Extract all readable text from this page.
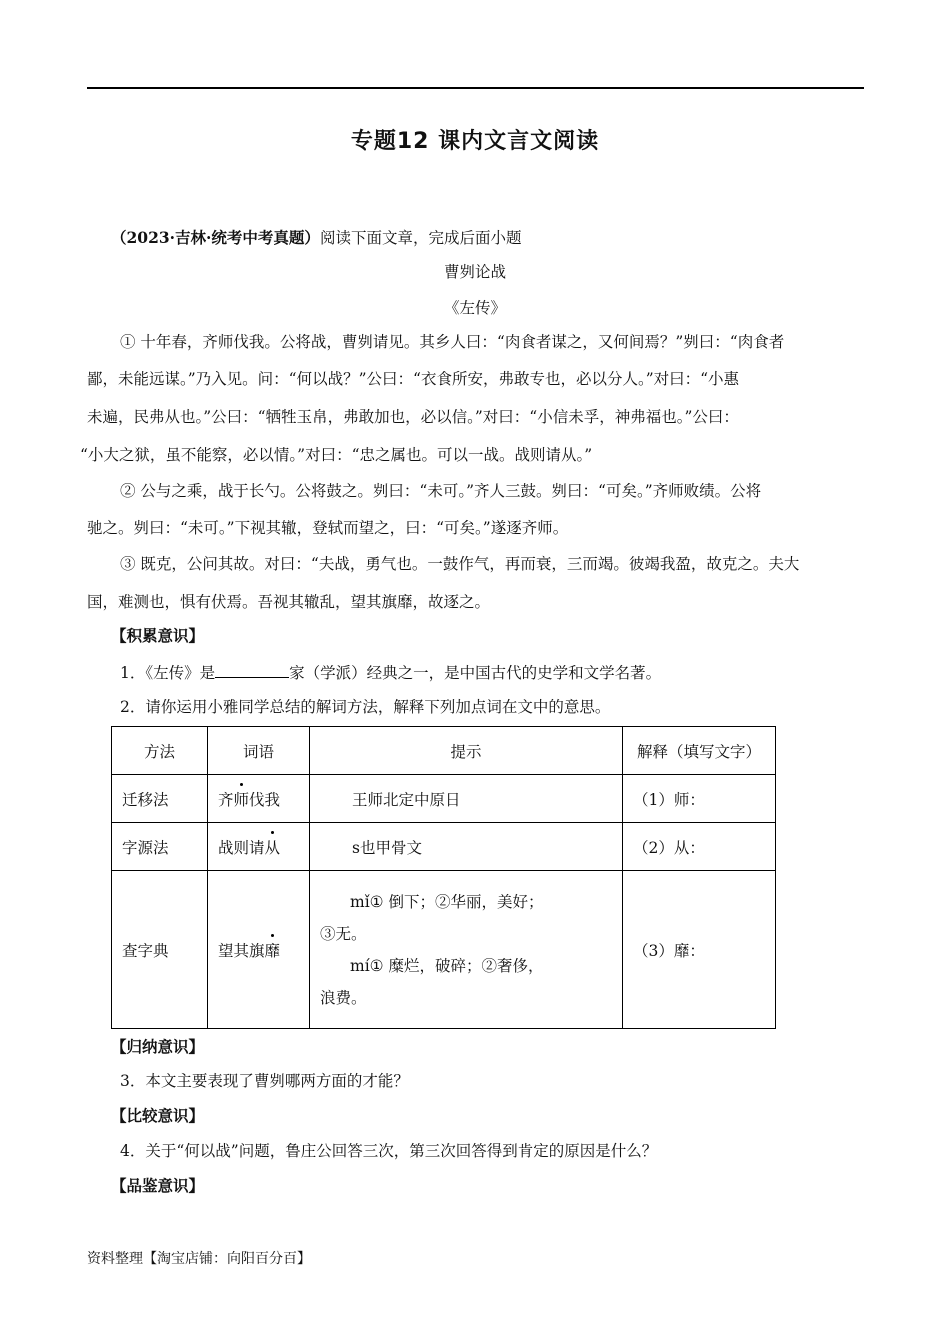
专题12 课内文言文阅读
（2023·吉林·统考中考真题）阅读下面文章，完成后面小题
曹刿论战
《左传》
① 十年春，齐师伐我。公将战，曹刿请见。其乡人曰：“肉食者谋之，又何间焉？”刿曰：“肉食者
鄙，未能远谋。”乃入见。问：“何以战？”公曰：“衣食所安，弗敢专也，必以分人。”对曰：“小惠
未遍，民弗从也。”公曰：“牺牲玉帛，弗敢加也，必以信。”对曰：“小信未孚，神弗福也。”公曰：
“小大之狱，虽不能察，必以情。”对曰：“忠之属也。可以一战。战则请从。”
② 公与之乘，战于长勺。公将鼓之。刿曰：“未可。”齐人三鼓。刿曰：“可矣。”齐师败绩。公将
驰之。刿曰：“未可。”下视其辙，登轼而望之，曰：“可矣。”遂逐齐师。
③ 既克，公问其故。对曰：“夫战，勇气也。一鼓作气，再而衰，三而竭。彼竭我盈，故克之。夫大
国，难测也，惧有伏焉。吾视其辙乱，望其旗靡，故逐之。
【积累意识】
1．《左传》是	家（学派）经典之一，是中国古代的史学和文学名著。
2．请你运用小雅同学总结的解词方法，解释下列加点词在文中的意思。
方法	词语	提示	解释（填写文字）
迁移法	齐师伐我	王师北定中原日	（1）师：
字源法	战则请从	s也甲骨文	（2）从：
查字典	望其旗靡	mǐ① 倒下；②华丽，美好；
③无。
mí① 糜烂，破碎；②奢侈，
浪费。	（3）靡：
【归纳意识】
3．本文主要表现了曹刿哪两方面的才能？
【比较意识】
4．关于“何以战”问题，鲁庄公回答三次，第三次回答得到肯定的原因是什么？
【品鉴意识】
资料整理【淘宝店铺：向阳百分百】
